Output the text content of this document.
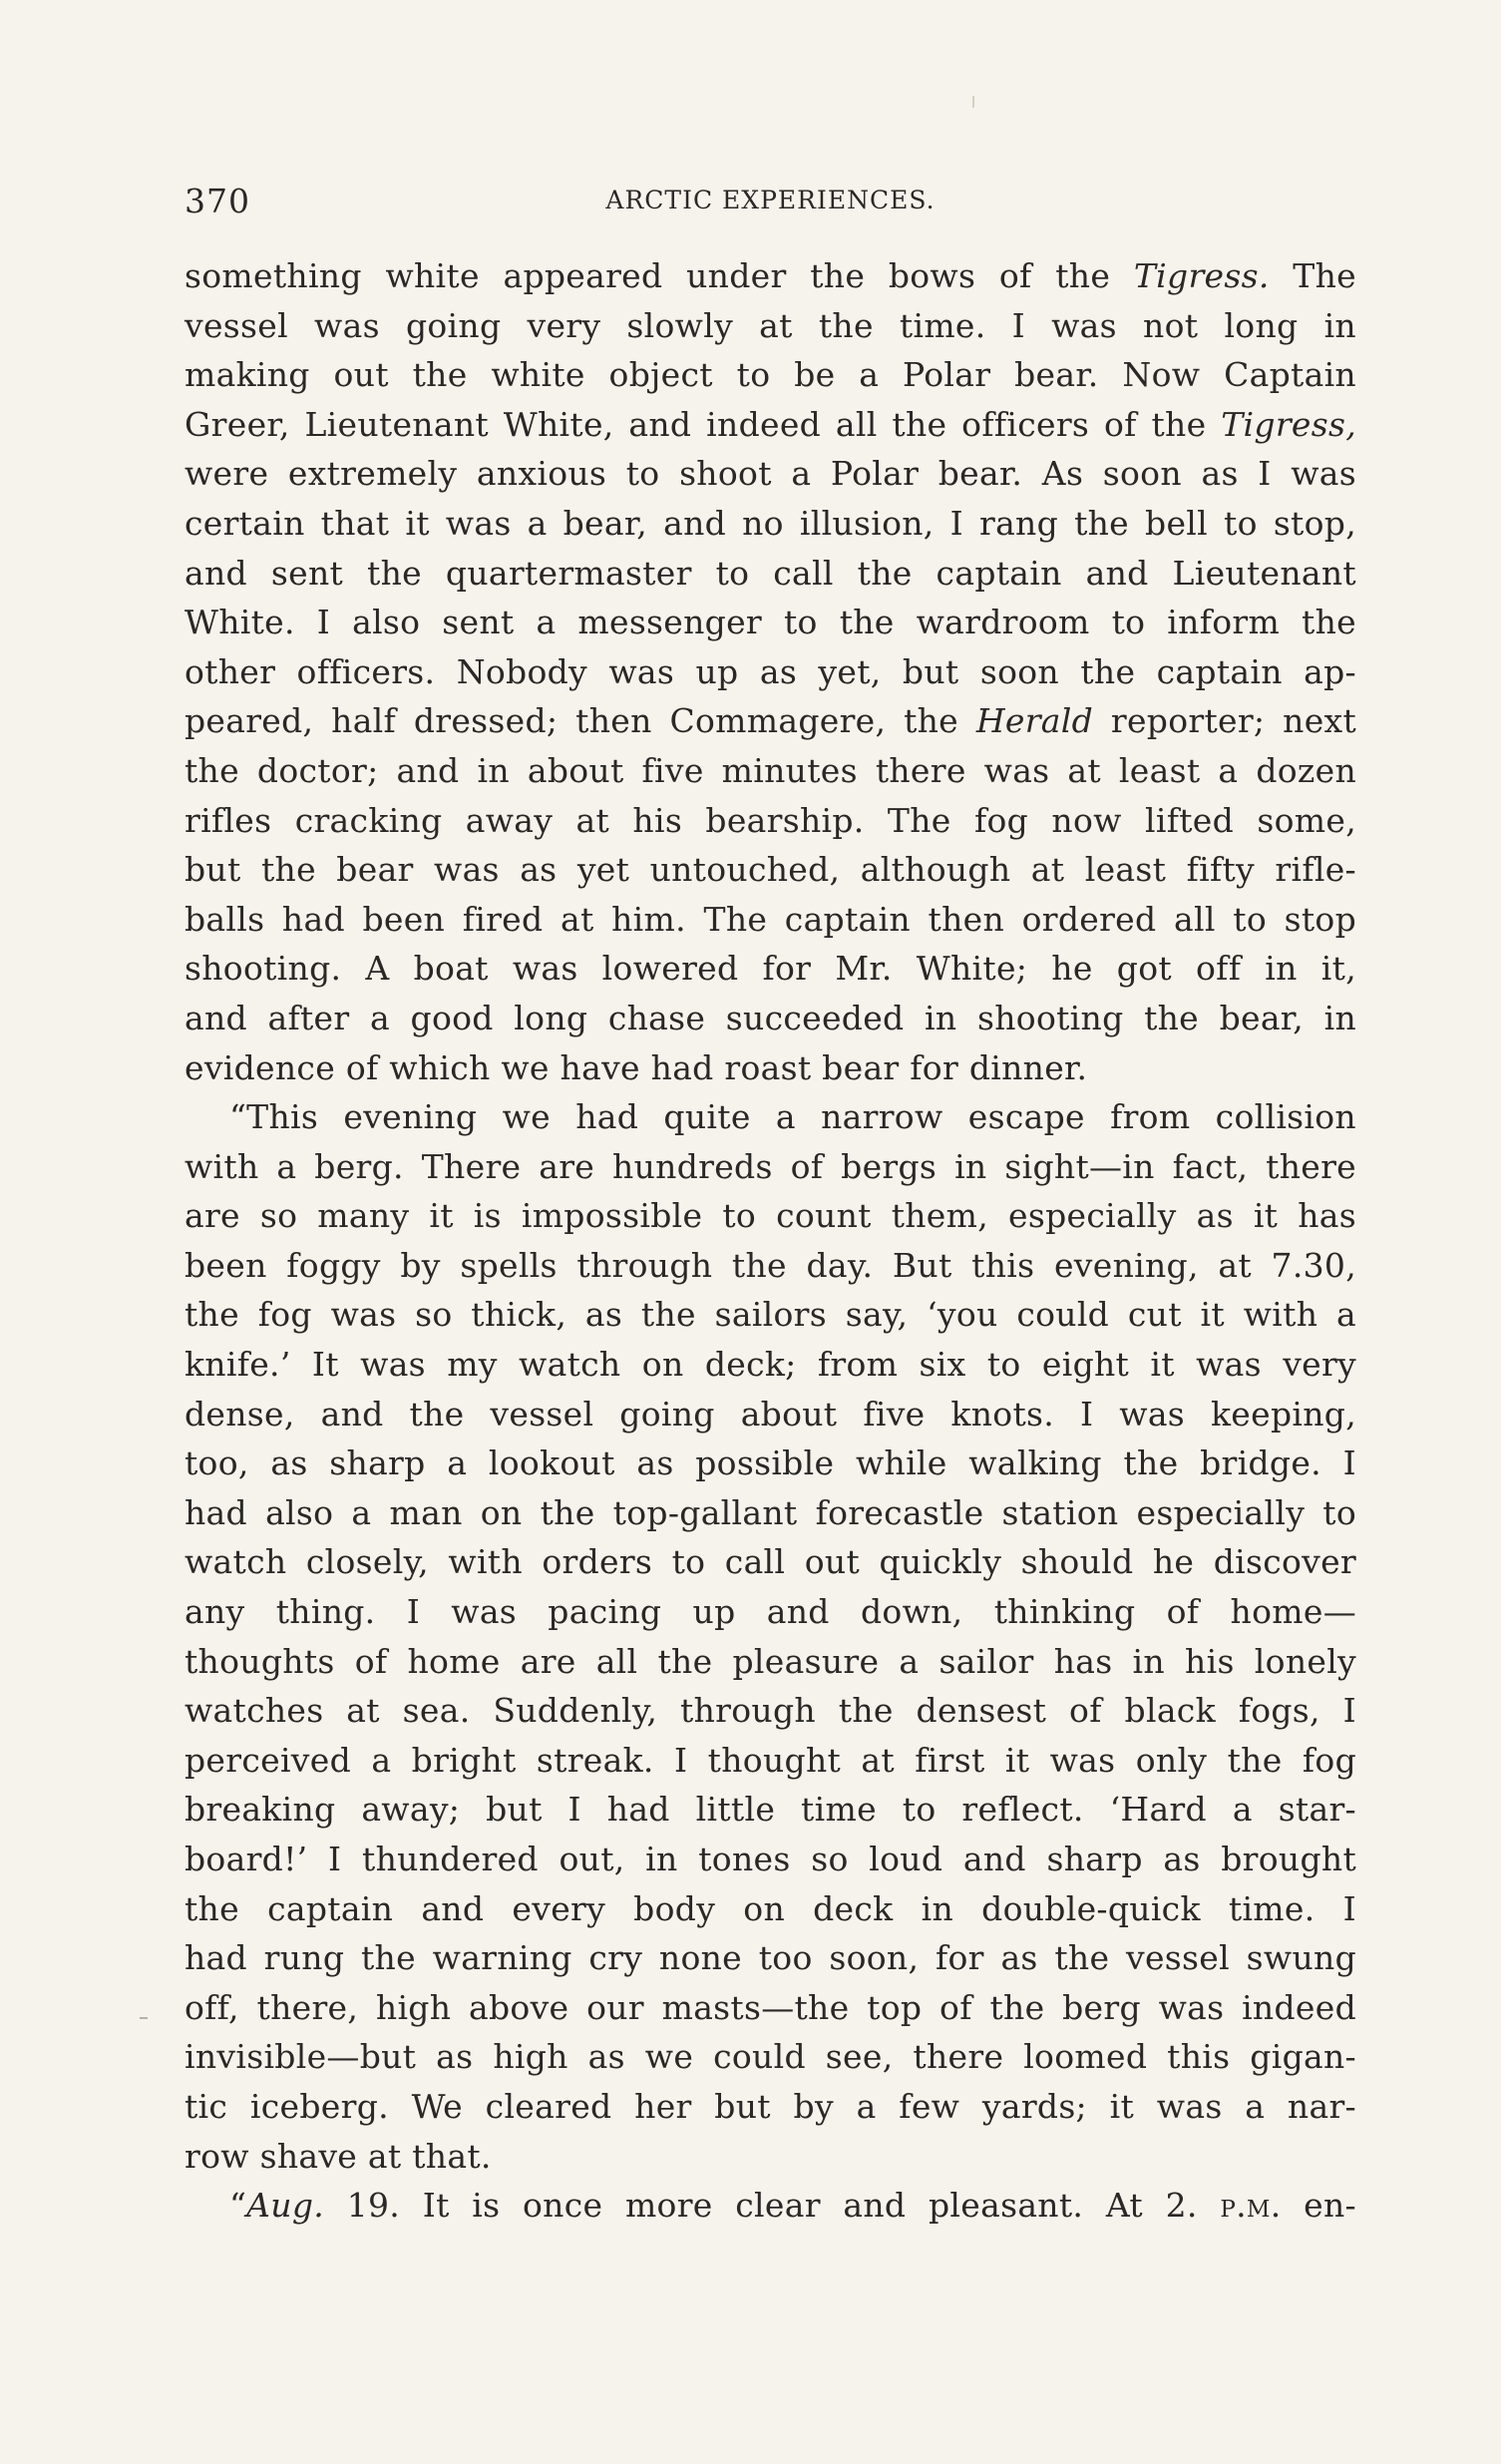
370	ARCTIC EXPERIENCES.
something white appeared under the bows of the Tigress. The
vessel was going very slowly at the time. I was not long in
making out the white object to be a Polar bear. Now Captain
Greer, Lieutenant White, and indeed all the officers of the Tigress,
were extremely anxious to shoot a Polar bear. As soon as I was
certain that it was a bear, and no illusion, I rang the bell to stop,
and sent the quartermaster to call the captain and Lieutenant
White. I also sent a messenger to the wardroom to inform the
other officers. Nobody was up as yet, but soon the captain ap-
peared, half dressed; then Commagere, the Herald reporter; next
the doctor; and in about five minutes there was at least a dozen
rifles cracking away at his bearship. The fog now lifted some,
but the bear was as yet untouched, although at least fifty rifle-
balls had been fired at him. The captain then ordered all to stop
shooting. A boat was lowered for Mr. White; he got off in it,
and after a good long chase succeeded in shooting the bear, in
evidence of which we have had roast bear for dinner.
“This evening we had quite a narrow escape from collision
with a berg. There are hundreds of bergs in sight—in fact, there
are so many it is impossible to count them, especially as it has
been foggy by spells through the day. But this evening, at 7.30,
the fog was so thick, as the sailors say, ‘you could cut it with a
knife.’ It was my watch on deck; from six to eight it was very
dense, and the vessel going about five knots. I was keeping,
too, as sharp a lookout as possible while walking the bridge. I
had also a man on the top-gallant forecastle station especially to
watch closely, with orders to call out quickly should he discover
any thing. I was pacing up and down, thinking of home—
thoughts of home are all the pleasure a sailor has in his lonely
watches at sea. Suddenly, through the densest of black fogs, I
perceived a bright streak. I thought at first it was only the fog
breaking away; but I had little time to reflect. ‘Hard a star-
board!’ I thundered out, in tones so loud and sharp as brought
the captain and every body on deck in double-quick time. I
had rung the warning cry none too soon, for as the vessel swung
off, there, high above our masts—the top of the berg was indeed
invisible—but as high as we could see, there loomed this gigan-
tic iceberg. We cleared her but by a few yards; it was a nar-
row shave at that.
“Aug. 19. It is once more clear and pleasant. At 2. p.m. en-
